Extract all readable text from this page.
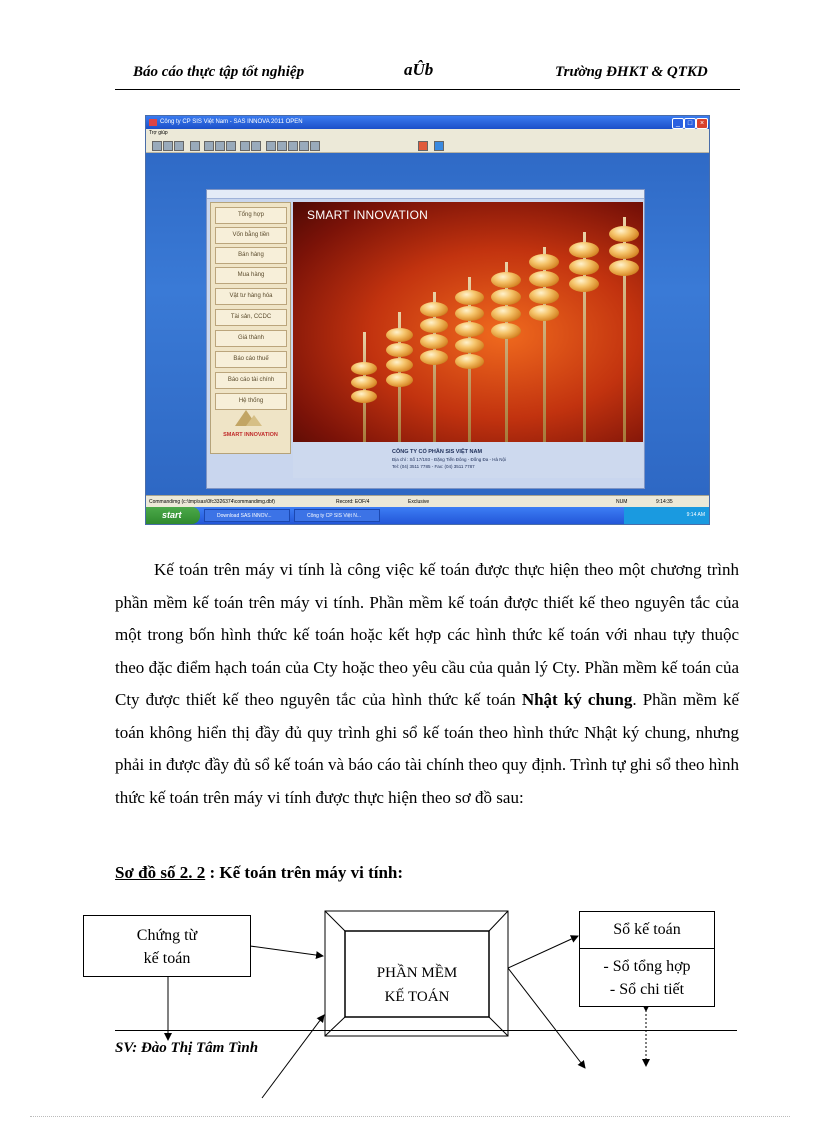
Báo cáo thực tập tốt nghiệp	aÛb	Trường ĐHKT & QTKD
Công ty CP SIS Việt Nam - SAS INNOVA 2011 OPEN	_	□	×
Trợ giúp
Tổng hợp
Vốn bằng tiền
Bán hàng
Mua hàng
Vật tư hàng hóa
Tài sản, CCDC
Giá thành
Báo cáo thuế
Báo cáo tài chính
Hệ thống
SMART INNOVATION
SMART INNOVATION
CÔNG TY CỔ PHẦN SIS VIỆT NAM
Địa chỉ : Số 17/193 - Đặng Tiến Đông - Đống Đa - Hà Nội
Tel: (04) 3511 7785 - Fax: (04) 3511 7787
Commandimg (c:\tmp\sas\0fc3326374\commandimg.dbf)	Record: EOF/4	Exclusive	NUM	9:14:35
start	Download SAS INNOV...	Công ty CP SIS Việt N...	9:14 AM

Kế toán trên máy vi tính là công việc kế toán được thực hiện theo một chương trình phần mềm kế toán trên máy vi tính. Phần mềm kế toán được thiết kế theo nguyên tắc của một trong bốn hình thức kế toán hoặc kết hợp các hình thức kế toán với nhau tựy thuộc theo đặc điểm hạch toán của Cty hoặc theo yêu cầu của quản lý Cty. Phần mềm kế toán của Cty được thiết kế theo nguyên tắc của hình thức kế toán Nhật ký chung. Phần mềm kế toán không hiển thị đầy đủ quy trình ghi sổ kế toán theo hình thức Nhật ký chung, nhưng phải in được đầy đủ sổ kế toán và báo cáo tài chính theo quy định. Trình tự ghi sổ theo hình thức kế toán trên máy vi tính được thực hiện theo sơ đồ sau:

Sơ đồ số 2. 2 : Kế toán trên máy vi tính:
Chứng từ
kế toán
PHẦN MỀM
KẾ TOÁN
Sổ kế toán
- Sổ tổng hợp
- Sổ chi tiết
SV: Đào Thị Tâm Tình
